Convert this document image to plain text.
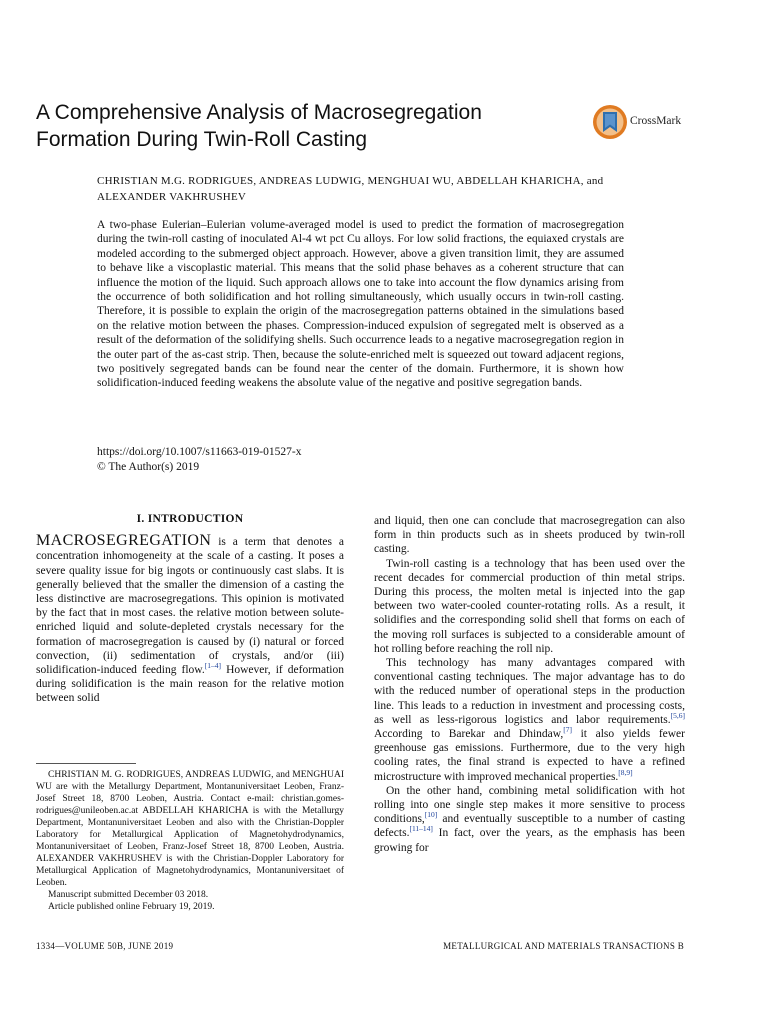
A Comprehensive Analysis of Macrosegregation Formation During Twin-Roll Casting
CrossMark
CHRISTIAN M.G. RODRIGUES, ANDREAS LUDWIG, MENGHUAI WU, ABDELLAH KHARICHA, and ALEXANDER VAKHRUSHEV
A two-phase Eulerian–Eulerian volume-averaged model is used to predict the formation of macrosegregation during the twin-roll casting of inoculated Al-4 wt pct Cu alloys. For low solid fractions, the equiaxed crystals are modeled according to the submerged object approach. However, above a given transition limit, they are assumed to behave like a viscoplastic material. This means that the solid phase behaves as a coherent structure that can influence the motion of the liquid. Such approach allows one to take into account the flow dynamics arising from the occurrence of both solidification and hot rolling simultaneously, which usually occurs in twin-roll casting. Therefore, it is possible to explain the origin of the macrosegregation patterns obtained in the simulations based on the relative motion between the phases. Compression-induced expulsion of segregated melt is observed as a result of the deformation of the solidifying shells. Such occurrence leads to a negative macrosegregation region in the outer part of the as-cast strip. Then, because the solute-enriched melt is squeezed out toward adjacent regions, two positively segregated bands can be found near the center of the domain. Furthermore, it is shown how solidification-induced feeding weakens the absolute value of the negative and positive segregation bands.
https://doi.org/10.1007/s11663-019-01527-x
© The Author(s) 2019
I. INTRODUCTION

MACROSEGREGATION is a term that denotes a concentration inhomogeneity at the scale of a casting. It poses a severe quality issue for big ingots or continuously cast slabs. It is generally believed that the smaller the dimension of a casting the less distinctive are macrosegregations. This opinion is motivated by the fact that in most cases. the relative motion between solute-enriched liquid and solute-depleted crystals necessary for the formation of macrosegregation is caused by (i) natural or forced convection, (ii) sedimentation of crystals, and/or (iii) solidification-induced feeding flow.[1–4] However, if deformation during solidification is the main reason for the relative motion between solid

and liquid, then one can conclude that macrosegregation can also form in thin products such as in sheets produced by twin-roll casting.

Twin-roll casting is a technology that has been used over the recent decades for commercial production of thin metal strips. During this process, the molten metal is injected into the gap between two water-cooled counter-rotating rolls. As a result, it solidifies and the corresponding solid shell that forms on each of the moving roll surfaces is subjected to a considerable amount of hot rolling before reaching the roll nip.

This technology has many advantages compared with conventional casting techniques. The major advantage has to do with the reduced number of operational steps in the production line. This leads to a reduction in investment and processing costs, as well as less-rigorous logistics and labor requirements.[5,6] According to Barekar and Dhindaw,[7] it also yields fewer greenhouse gas emissions. Furthermore, due to the very high cooling rates, the final strand is expected to have a refined microstructure with improved mechanical properties.[8,9]

On the other hand, combining metal solidification with hot rolling into one single step makes it more sensitive to process conditions,[10] and eventually susceptible to a number of casting defects.[11–14] In fact, over the years, as the emphasis has been growing for

CHRISTIAN M. G. RODRIGUES, ANDREAS LUDWIG, and MENGHUAI WU are with the Metallurgy Department, Montanuniversitaet Leoben, Franz-Josef Street 18, 8700 Leoben, Austria. Contact e-mail: christian.gomes-rodrigues@unileoben.ac.at ABDELLAH KHARICHA is with the Metallurgy Department, Montanuniversitaet Leoben and also with the Christian-Doppler Laboratory for Metallurgical Application of Magnetohydrodynamics, Montanuniversitaet of Leoben, Franz-Josef Street 18, 8700 Leoben, Austria. ALEXANDER VAKHRUSHEV is with the Christian-Doppler Laboratory for Metallurgical Application of Magnetohydrodynamics, Montanuniversitaet of Leoben.

Manuscript submitted December 03 2018.

Article published online February 19, 2019.

1334—VOLUME 50B, JUNE 2019	METALLURGICAL AND MATERIALS TRANSACTIONS B
